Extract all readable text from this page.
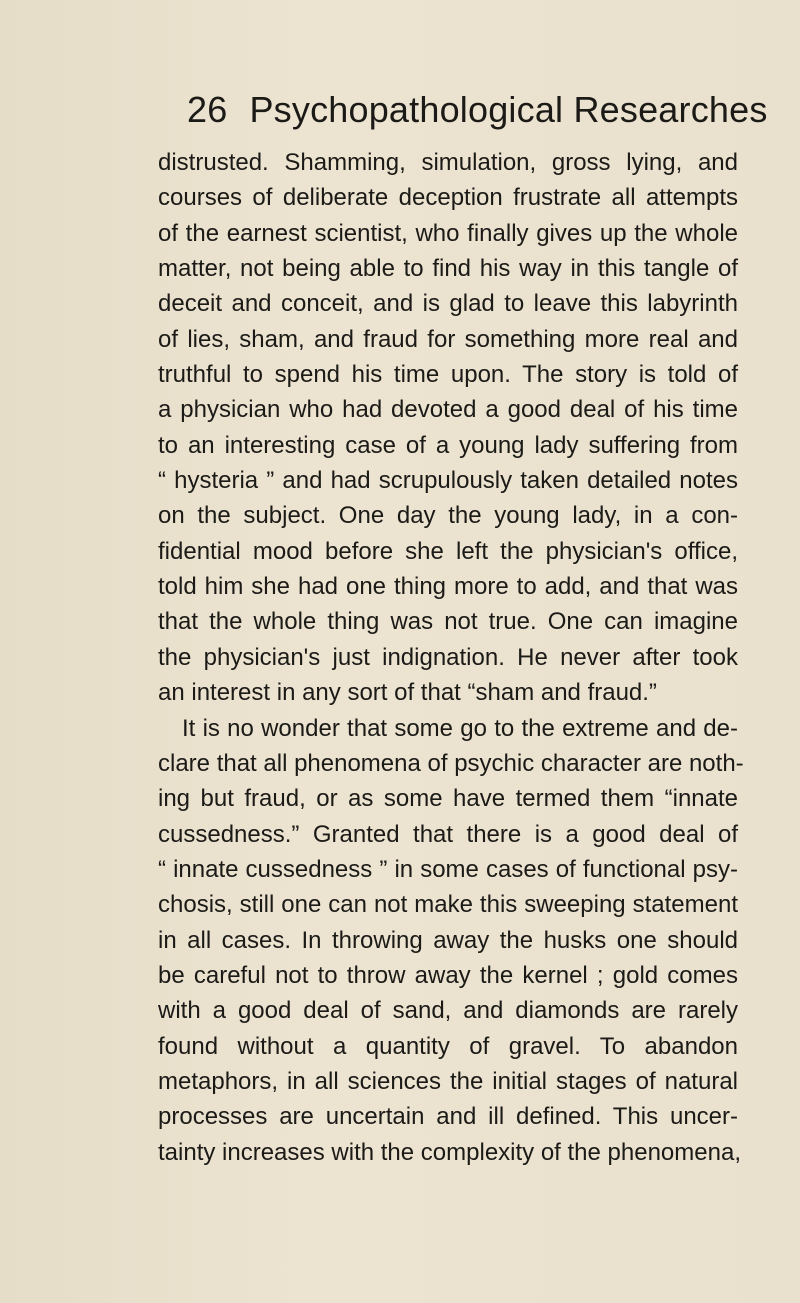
26 Psychopathological Researches
distrusted. Shamming, simulation, gross lying, and
courses of deliberate deception frustrate all attempts
of the earnest scientist, who finally gives up the whole
matter, not being able to find his way in this tangle of
deceit and conceit, and is glad to leave this labyrinth
of lies, sham, and fraud for something more real and
truthful to spend his time upon. The story is told of
a physician who had devoted a good deal of his time
to an interesting case of a young lady suffering from
“ hysteria ” and had scrupulously taken detailed notes
on the subject. One day the young lady, in a con-
fidential mood before she left the physician's office,
told him she had one thing more to add, and that was
that the whole thing was not true. One can imagine
the physician's just indignation. He never after took
an interest in any sort of that “sham and fraud.”
It is no wonder that some go to the extreme and de-
clare that all phenomena of psychic character are noth-
ing but fraud, or as some have termed them “innate
cussedness.” Granted that there is a good deal of
“ innate cussedness ” in some cases of functional psy-
chosis, still one can not make this sweeping statement
in all cases. In throwing away the husks one should
be careful not to throw away the kernel ; gold comes
with a good deal of sand, and diamonds are rarely
found without a quantity of gravel. To abandon
metaphors, in all sciences the initial stages of natural
processes are uncertain and ill defined. This uncer-
tainty increases with the complexity of the phenomena,
